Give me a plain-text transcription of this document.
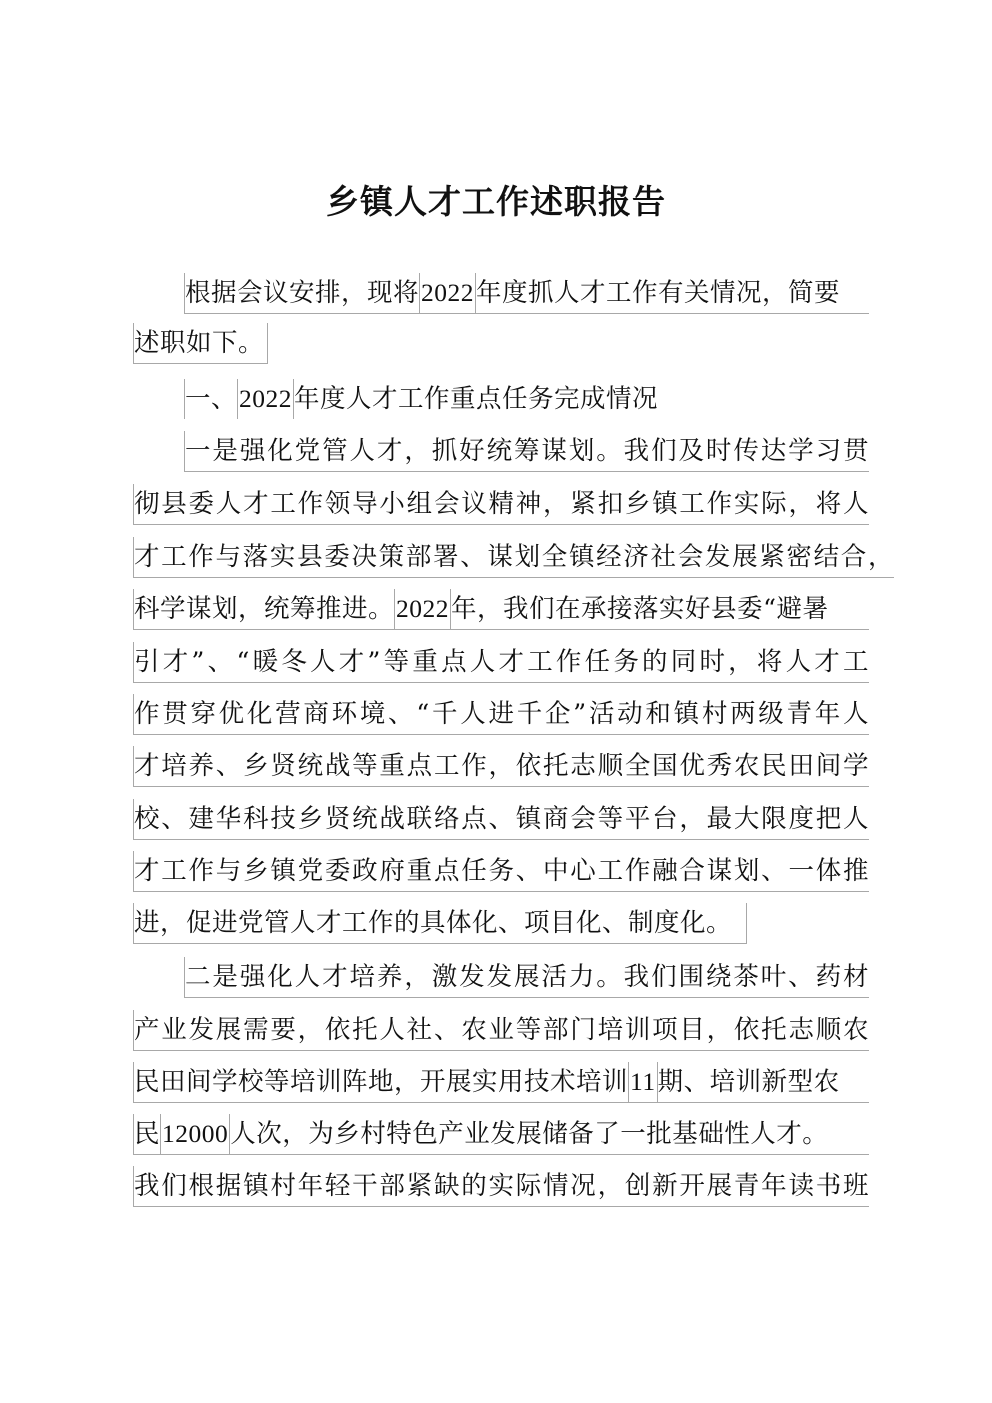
乡镇人才工作述职报告
根据会议安排，现将2022年度抓人才工作有关情况，简要
述职如下。
一、2022年度人才工作重点任务完成情况
一是强化党管人才，抓好统筹谋划。我们及时传达学习贯
彻县委人才工作领导小组会议精神，紧扣乡镇工作实际，将人
才工作与落实县委决策部署、谋划全镇经济社会发展紧密结合，
科学谋划，统筹推进。2022年，我们在承接落实好县委“避暑
引才”、“暖冬人才”等重点人才工作任务的同时，将人才工
作贯穿优化营商环境、“千人进千企”活动和镇村两级青年人
才培养、乡贤统战等重点工作，依托志顺全国优秀农民田间学
校、建华科技乡贤统战联络点、镇商会等平台，最大限度把人
才工作与乡镇党委政府重点任务、中心工作融合谋划、一体推
进，促进党管人才工作的具体化、项目化、制度化。
二是强化人才培养，激发发展活力。我们围绕茶叶、药材
产业发展需要，依托人社、农业等部门培训项目，依托志顺农
民田间学校等培训阵地，开展实用技术培训11期、培训新型农
民12000人次，为乡村特色产业发展储备了一批基础性人才。
我们根据镇村年轻干部紧缺的实际情况，创新开展青年读书班
